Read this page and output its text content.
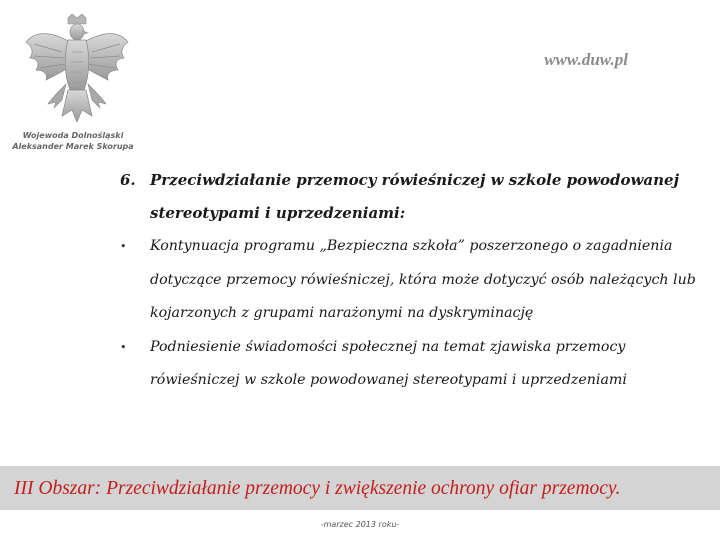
Wojewoda Dolnośląski
Aleksander Marek Skorupa
www.duw.pl
6. Przeciwdziałanie przemocy rówieśniczej w szkole powodowanej stereotypami i uprzedzeniami:
•	Kontynuacja programu „Bezpieczna szkoła” poszerzonego o zagadnienia dotyczące przemocy rówieśniczej, która może dotyczyć osób należących lub kojarzonych z grupami narażonymi na dyskryminację
•	Podniesienie świadomości społecznej na temat zjawiska przemocy rówieśniczej w szkole powodowanej stereotypami i uprzedzeniami
III Obszar: Przeciwdziałanie przemocy i zwiększenie ochrony ofiar przemocy.
-marzec 2013 roku-
